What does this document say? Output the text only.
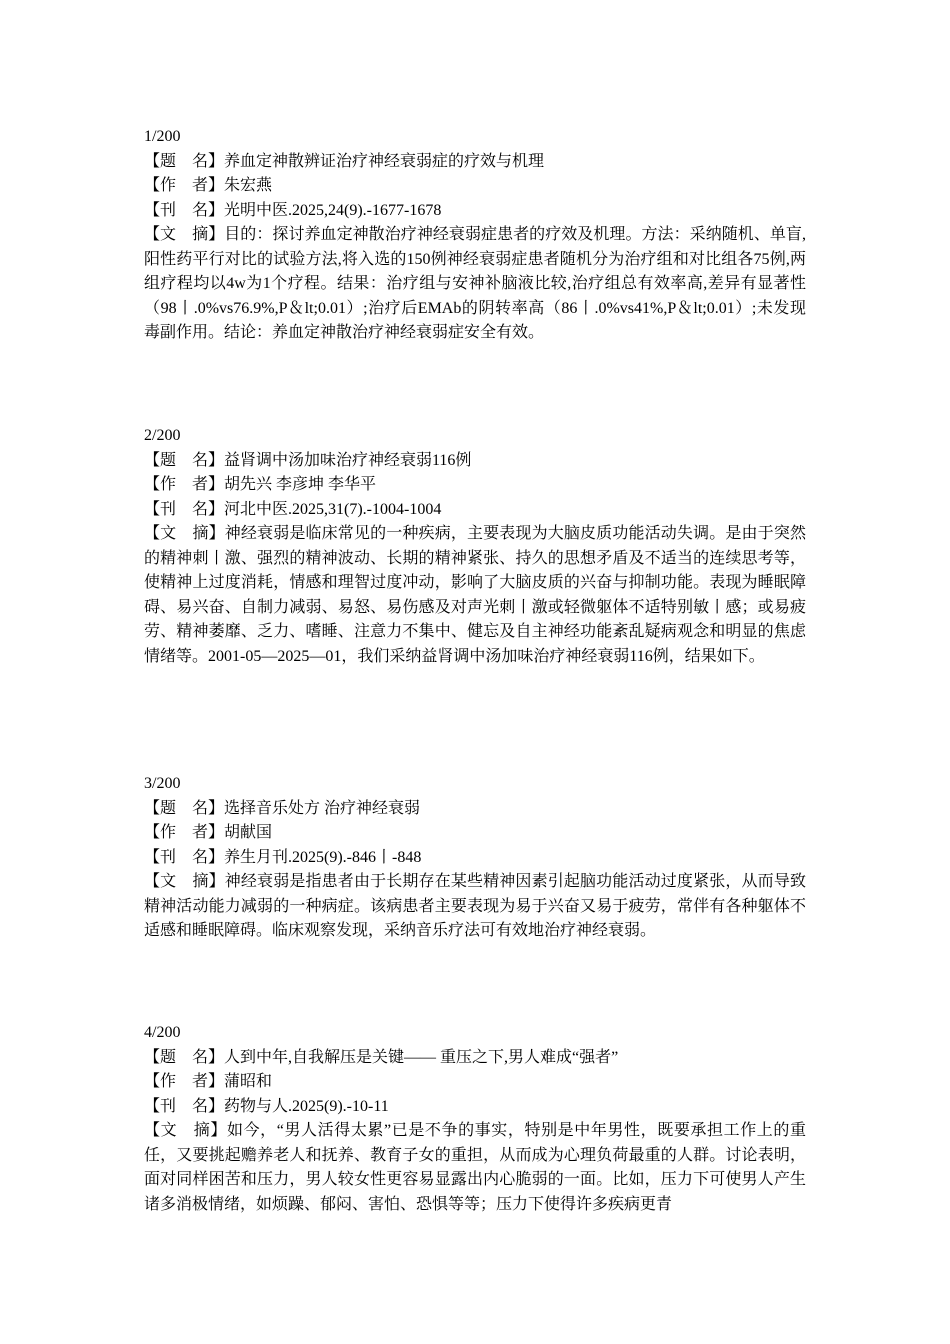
1/200

【题　名】养血定神散辨证治疗神经衰弱症的疗效与机理

【作　者】朱宏燕

【刊　名】光明中医.2025,24(9).-1677-1678

【文　摘】目的：探讨养血定神散治疗神经衰弱症患者的疗效及机理。方法：采纳随机、单盲,阳性药平行对比的试验方法,将入选的150例神经衰弱症患者随机分为治疗组和对比组各75例,两组疗程均以4w为1个疗程。结果：治疗组与安神补脑液比较,治疗组总有效率高,差异有显著性（98丨.0%vs76.9%,P＆lt;0.01）;治疗后EMAb的阴转率高（86丨.0%vs41%,P＆lt;0.01）;未发现毒副作用。结论：养血定神散治疗神经衰弱症安全有效。

2/200

【题　名】益肾调中汤加味治疗神经衰弱116例

【作　者】胡先兴 李彦坤 李华平

【刊　名】河北中医.2025,31(7).-1004-1004

【文　摘】神经衰弱是临床常见的一种疾病，主要表现为大脑皮质功能活动失调。是由于突然的精神刺丨激、强烈的精神波动、长期的精神紧张、持久的思想矛盾及不适当的连续思考等，使精神上过度消耗，情感和理智过度冲动，影响了大脑皮质的兴奋与抑制功能。表现为睡眠障碍、易兴奋、自制力减弱、易怒、易伤感及对声光刺丨激或轻微躯体不适特别敏丨感；或易疲劳、精神萎靡、乏力、嗜睡、注意力不集中、健忘及自主神经功能紊乱疑病观念和明显的焦虑情绪等。2001-05—2025—01，我们采纳益肾调中汤加味治疗神经衰弱116例，结果如下。

3/200

【题　名】选择音乐处方 治疗神经衰弱

【作　者】胡献国

【刊　名】养生月刊.2025(9).-846丨-848

【文　摘】神经衰弱是指患者由于长期存在某些精神因素引起脑功能活动过度紧张，从而导致精神活动能力减弱的一种病症。该病患者主要表现为易于兴奋又易于疲劳，常伴有各种躯体不适感和睡眠障碍。临床观察发现，采纳音乐疗法可有效地治疗神经衰弱。

4/200

【题　名】人到中年,自我解压是关键—— 重压之下,男人难成“强者”

【作　者】蒲昭和

【刊　名】药物与人.2025(9).-10-11

【文　摘】如今，“男人活得太累”已是不争的事实，特别是中年男性，既要承担工作上的重任，又要挑起赡养老人和抚养、教育子女的重担，从而成为心理负荷最重的人群。讨论表明，面对同样困苦和压力，男人较女性更容易显露出内心脆弱的一面。比如，压力下可使男人产生诸多消极情绪，如烦躁、郁闷、害怕、恐惧等等；压力下使得许多疾病更青
